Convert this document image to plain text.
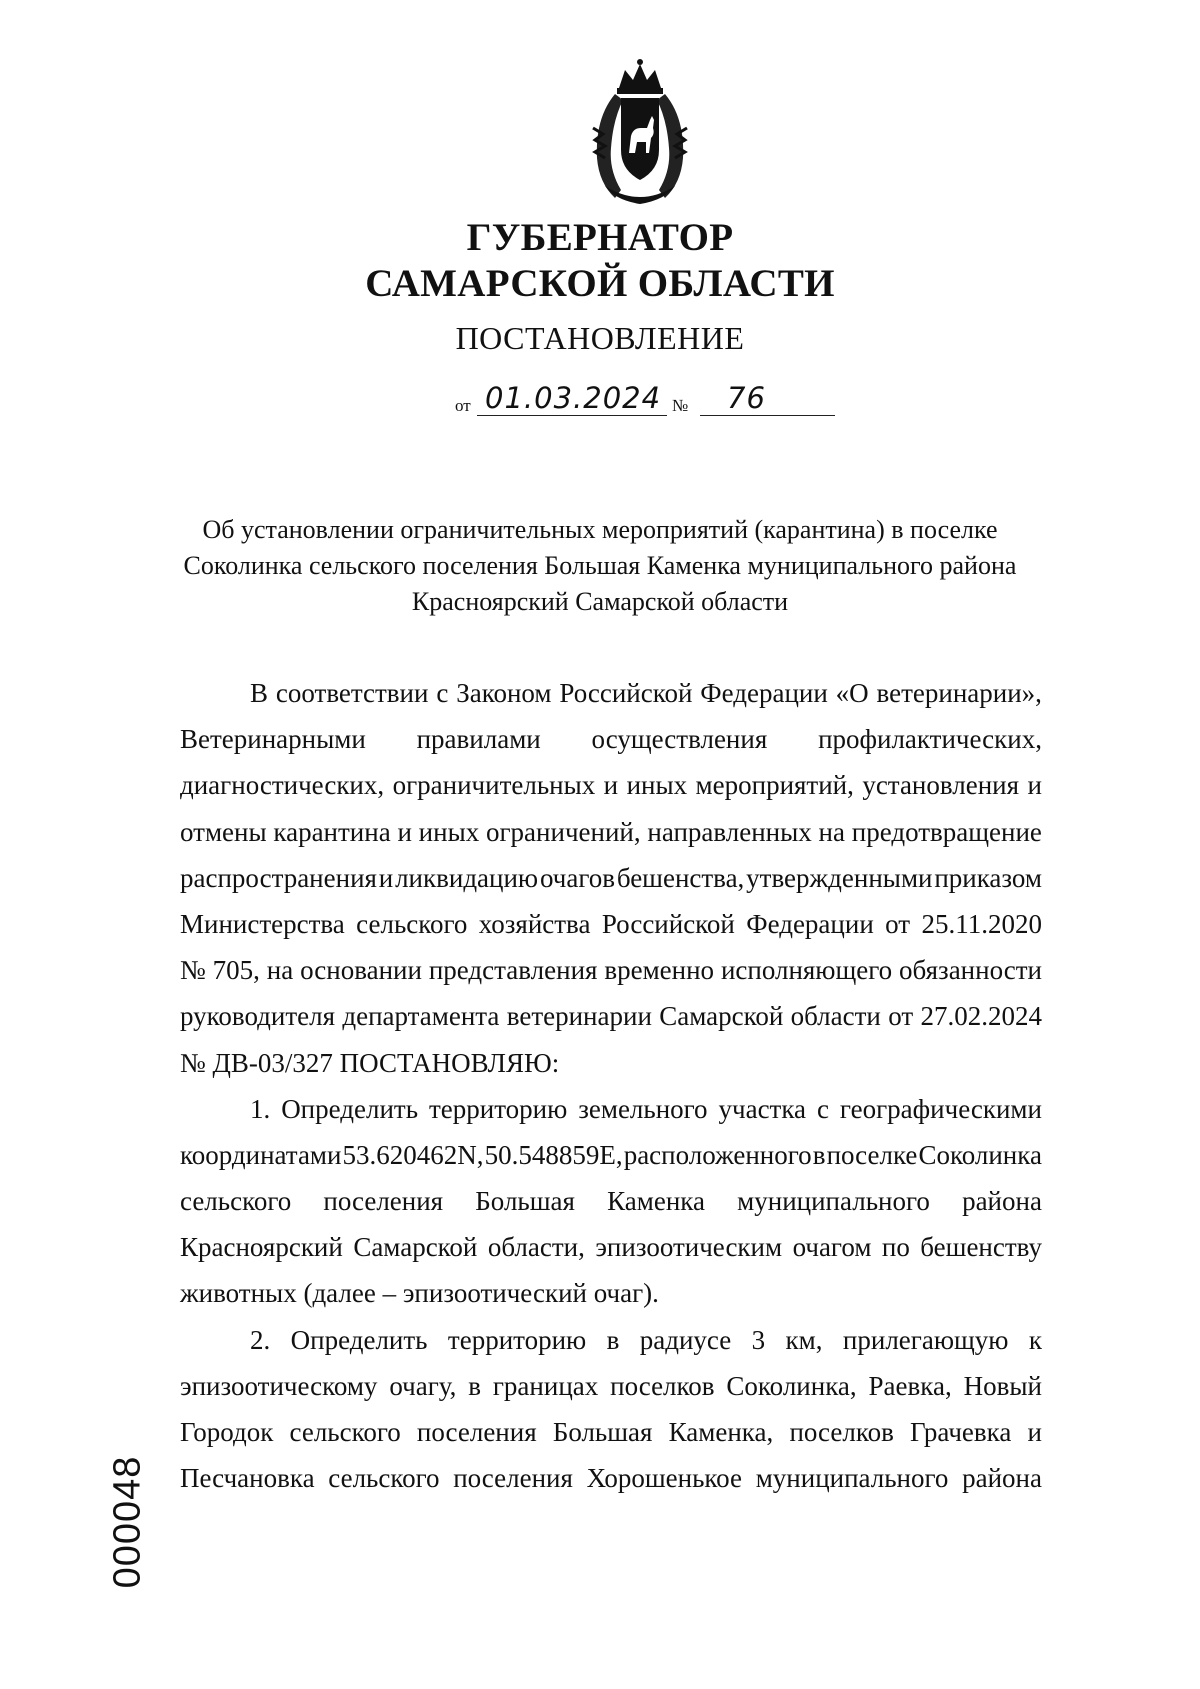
ГУБЕРНАТОР
САМАРСКОЙ ОБЛАСТИ
ПОСТАНОВЛЕНИЕ
от 01.03.2024 № 76
Об установлении ограничительных мероприятий (карантина) в поселке
Соколинка сельского поселения Большая Каменка муниципального района
Красноярский Самарской области
В соответствии с Законом Российской Федерации «О ветеринарии»,
Ветеринарными правилами осуществления профилактических,
диагностических, ограничительных и иных мероприятий, установления и
отмены карантина и иных ограничений, направленных на предотвращение
распространения и ликвидацию очагов бешенства, утвержденными приказом
Министерства сельского хозяйства Российской Федерации от 25.11.2020
№ 705, на основании представления временно исполняющего обязанности
руководителя департамента ветеринарии Самарской области от 27.02.2024
№ ДВ-03/327 ПОСТАНОВЛЯЮ:
1. Определить территорию земельного участка с географическими
координатами 53.620462N, 50.548859E, расположенного в поселке Соколинка
сельского поселения Большая Каменка муниципального района
Красноярский Самарской области, эпизоотическим очагом по бешенству
животных (далее – эпизоотический очаг).
2. Определить территорию в радиусе 3 км, прилегающую к
эпизоотическому очагу, в границах поселков Соколинка, Раевка, Новый
Городок сельского поселения Большая Каменка, поселков Грачевка и
Песчановка сельского поселения Хорошенькое муниципального района
000048
